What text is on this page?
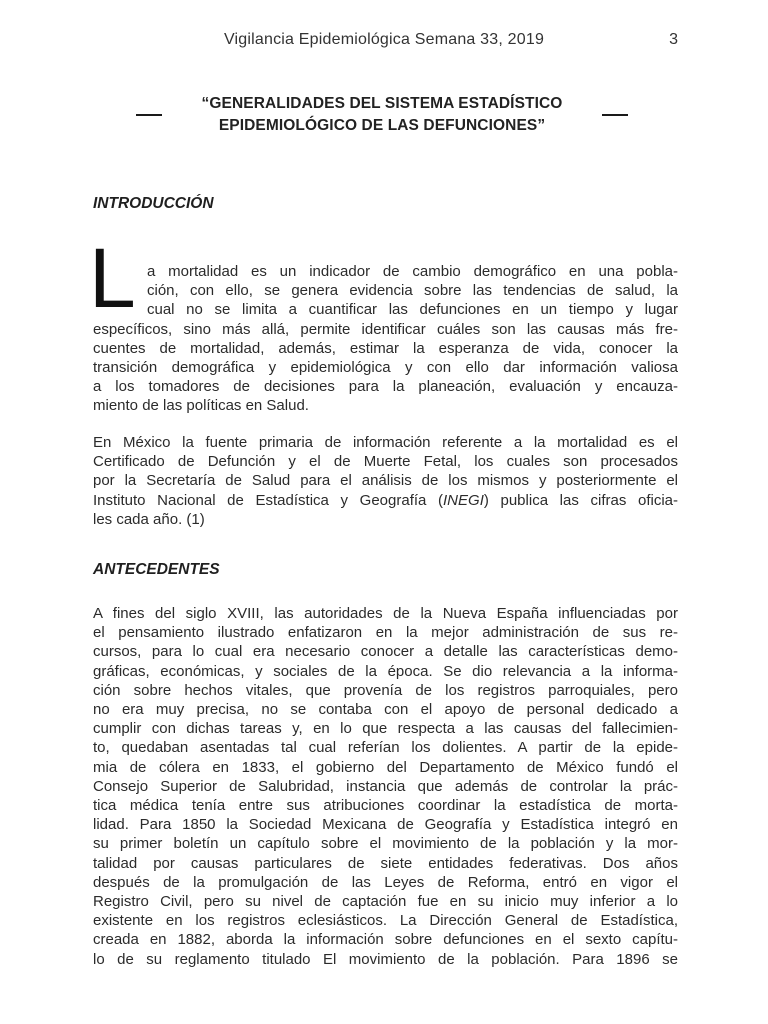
Vigilancia Epidemiológica Semana 33, 2019	3
“GENERALIDADES DEL SISTEMA ESTADÍSTICO
EPIDEMIOLÓGICO DE LAS DEFUNCIONES”
INTRODUCCIÓN
L a mortalidad es un indicador de cambio demográfico en una pobla-
ción, con ello, se genera evidencia sobre las tendencias de salud, la
cual no se limita a cuantificar las defunciones en un tiempo y lugar
específicos, sino más allá, permite identificar cuáles son las causas más fre-
cuentes de mortalidad, además, estimar la esperanza de vida, conocer la
transición demográfica y epidemiológica y con ello dar información valiosa
a los tomadores de decisiones para la planeación, evaluación y encauza-
miento de las políticas en Salud.
En México la fuente primaria de información referente a la mortalidad es el
Certificado de Defunción y el de Muerte Fetal, los cuales son procesados
por la Secretaría de Salud para el análisis de los mismos y posteriormente el
Instituto Nacional de Estadística y Geografía (INEGI) publica las cifras oficia-
les cada año. (1)
ANTECEDENTES
A fines del siglo XVIII, las autoridades de la Nueva España influenciadas por
el pensamiento ilustrado enfatizaron en la mejor administración de sus re-
cursos, para lo cual era necesario conocer a detalle las características demo-
gráficas, económicas, y sociales de la época. Se dio relevancia a la informa-
ción sobre hechos vitales, que provenía de los registros parroquiales, pero
no era muy precisa, no se contaba con el apoyo de personal dedicado a
cumplir con dichas tareas y, en lo que respecta a las causas del fallecimien-
to, quedaban asentadas tal cual referían los dolientes. A partir de la epide-
mia de cólera en 1833, el gobierno del Departamento de México fundó el
Consejo Superior de Salubridad, instancia que además de controlar la prác-
tica médica tenía entre sus atribuciones coordinar la estadística de morta-
lidad. Para 1850 la Sociedad Mexicana de Geografía y Estadística integró en
su primer boletín un capítulo sobre el movimiento de la población y la mor-
talidad por causas particulares de siete entidades federativas. Dos años
después de la promulgación de las Leyes de Reforma, entró en vigor el
Registro Civil, pero su nivel de captación fue en su inicio muy inferior a lo
existente en los registros eclesiásticos. La Dirección General de Estadística,
creada en 1882, aborda la información sobre defunciones en el sexto capítu-
lo de su reglamento titulado El movimiento de la población. Para 1896 se
